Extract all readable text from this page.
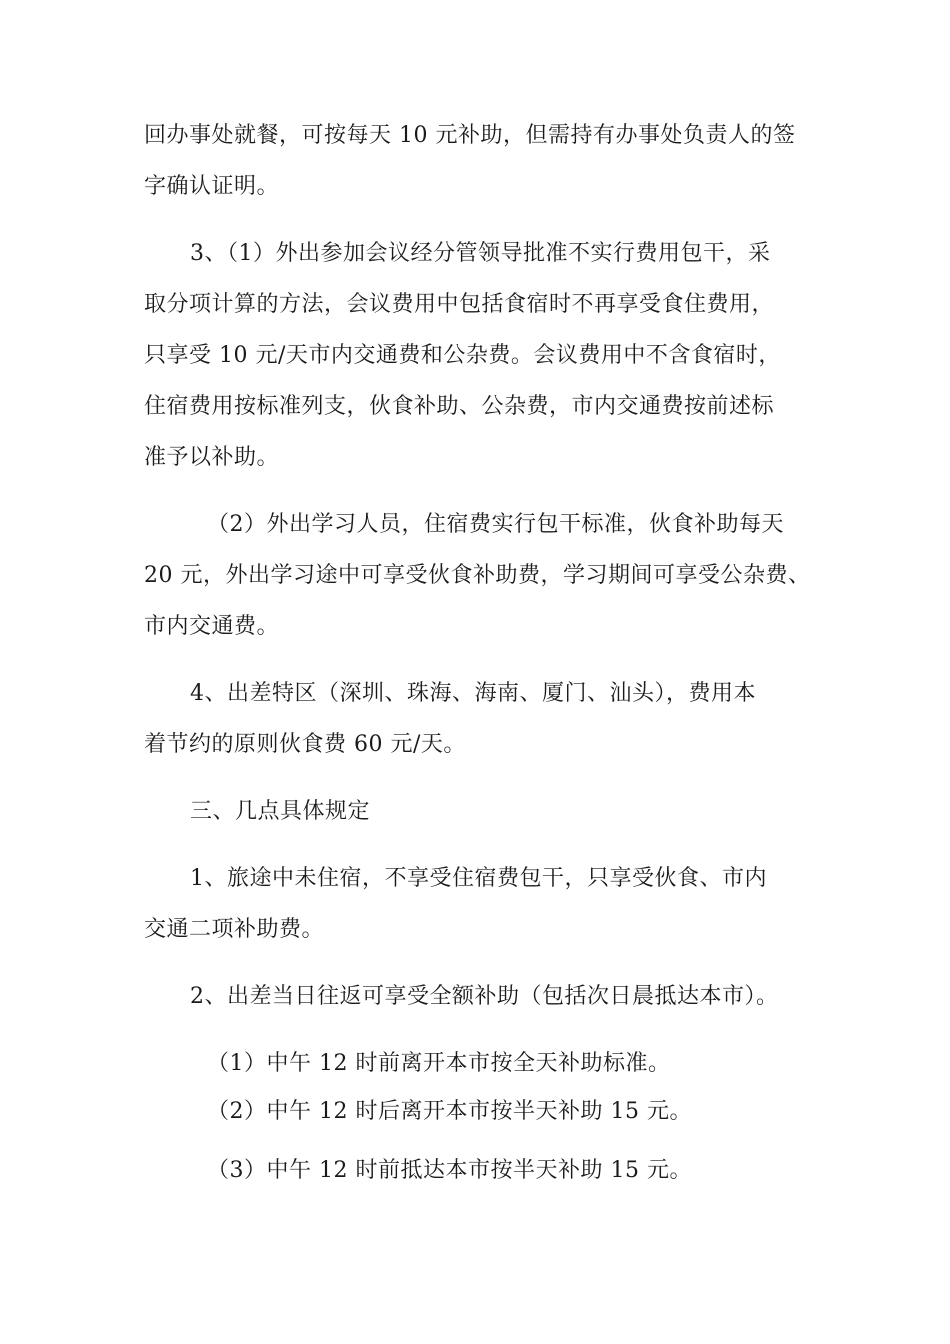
回办事处就餐，可按每天 10 元补助，但需持有办事处负责人的签
字确认证明。
3、（1）外出参加会议经分管领导批准不实行费用包干，采
取分项计算的方法，会议费用中包括食宿时不再享受食住费用，
只享受 10 元/天市内交通费和公杂费。会议费用中不含食宿时，
住宿费用按标准列支，伙食补助、公杂费，市内交通费按前述标
准予以补助。
（2）外出学习人员，住宿费实行包干标准，伙食补助每天
20 元，外出学习途中可享受伙食补助费，学习期间可享受公杂费、
市内交通费。
4、出差特区（深圳、珠海、海南、厦门、汕头），费用本
着节约的原则伙食费 60 元/天。
三、几点具体规定
1、旅途中未住宿，不享受住宿费包干，只享受伙食、市内
交通二项补助费。
2、出差当日往返可享受全额补助（包括次日晨抵达本市）。
（1）中午 12 时前离开本市按全天补助标准。
（2）中午 12 时后离开本市按半天补助 15 元。
（3）中午 12 时前抵达本市按半天补助 15 元。
